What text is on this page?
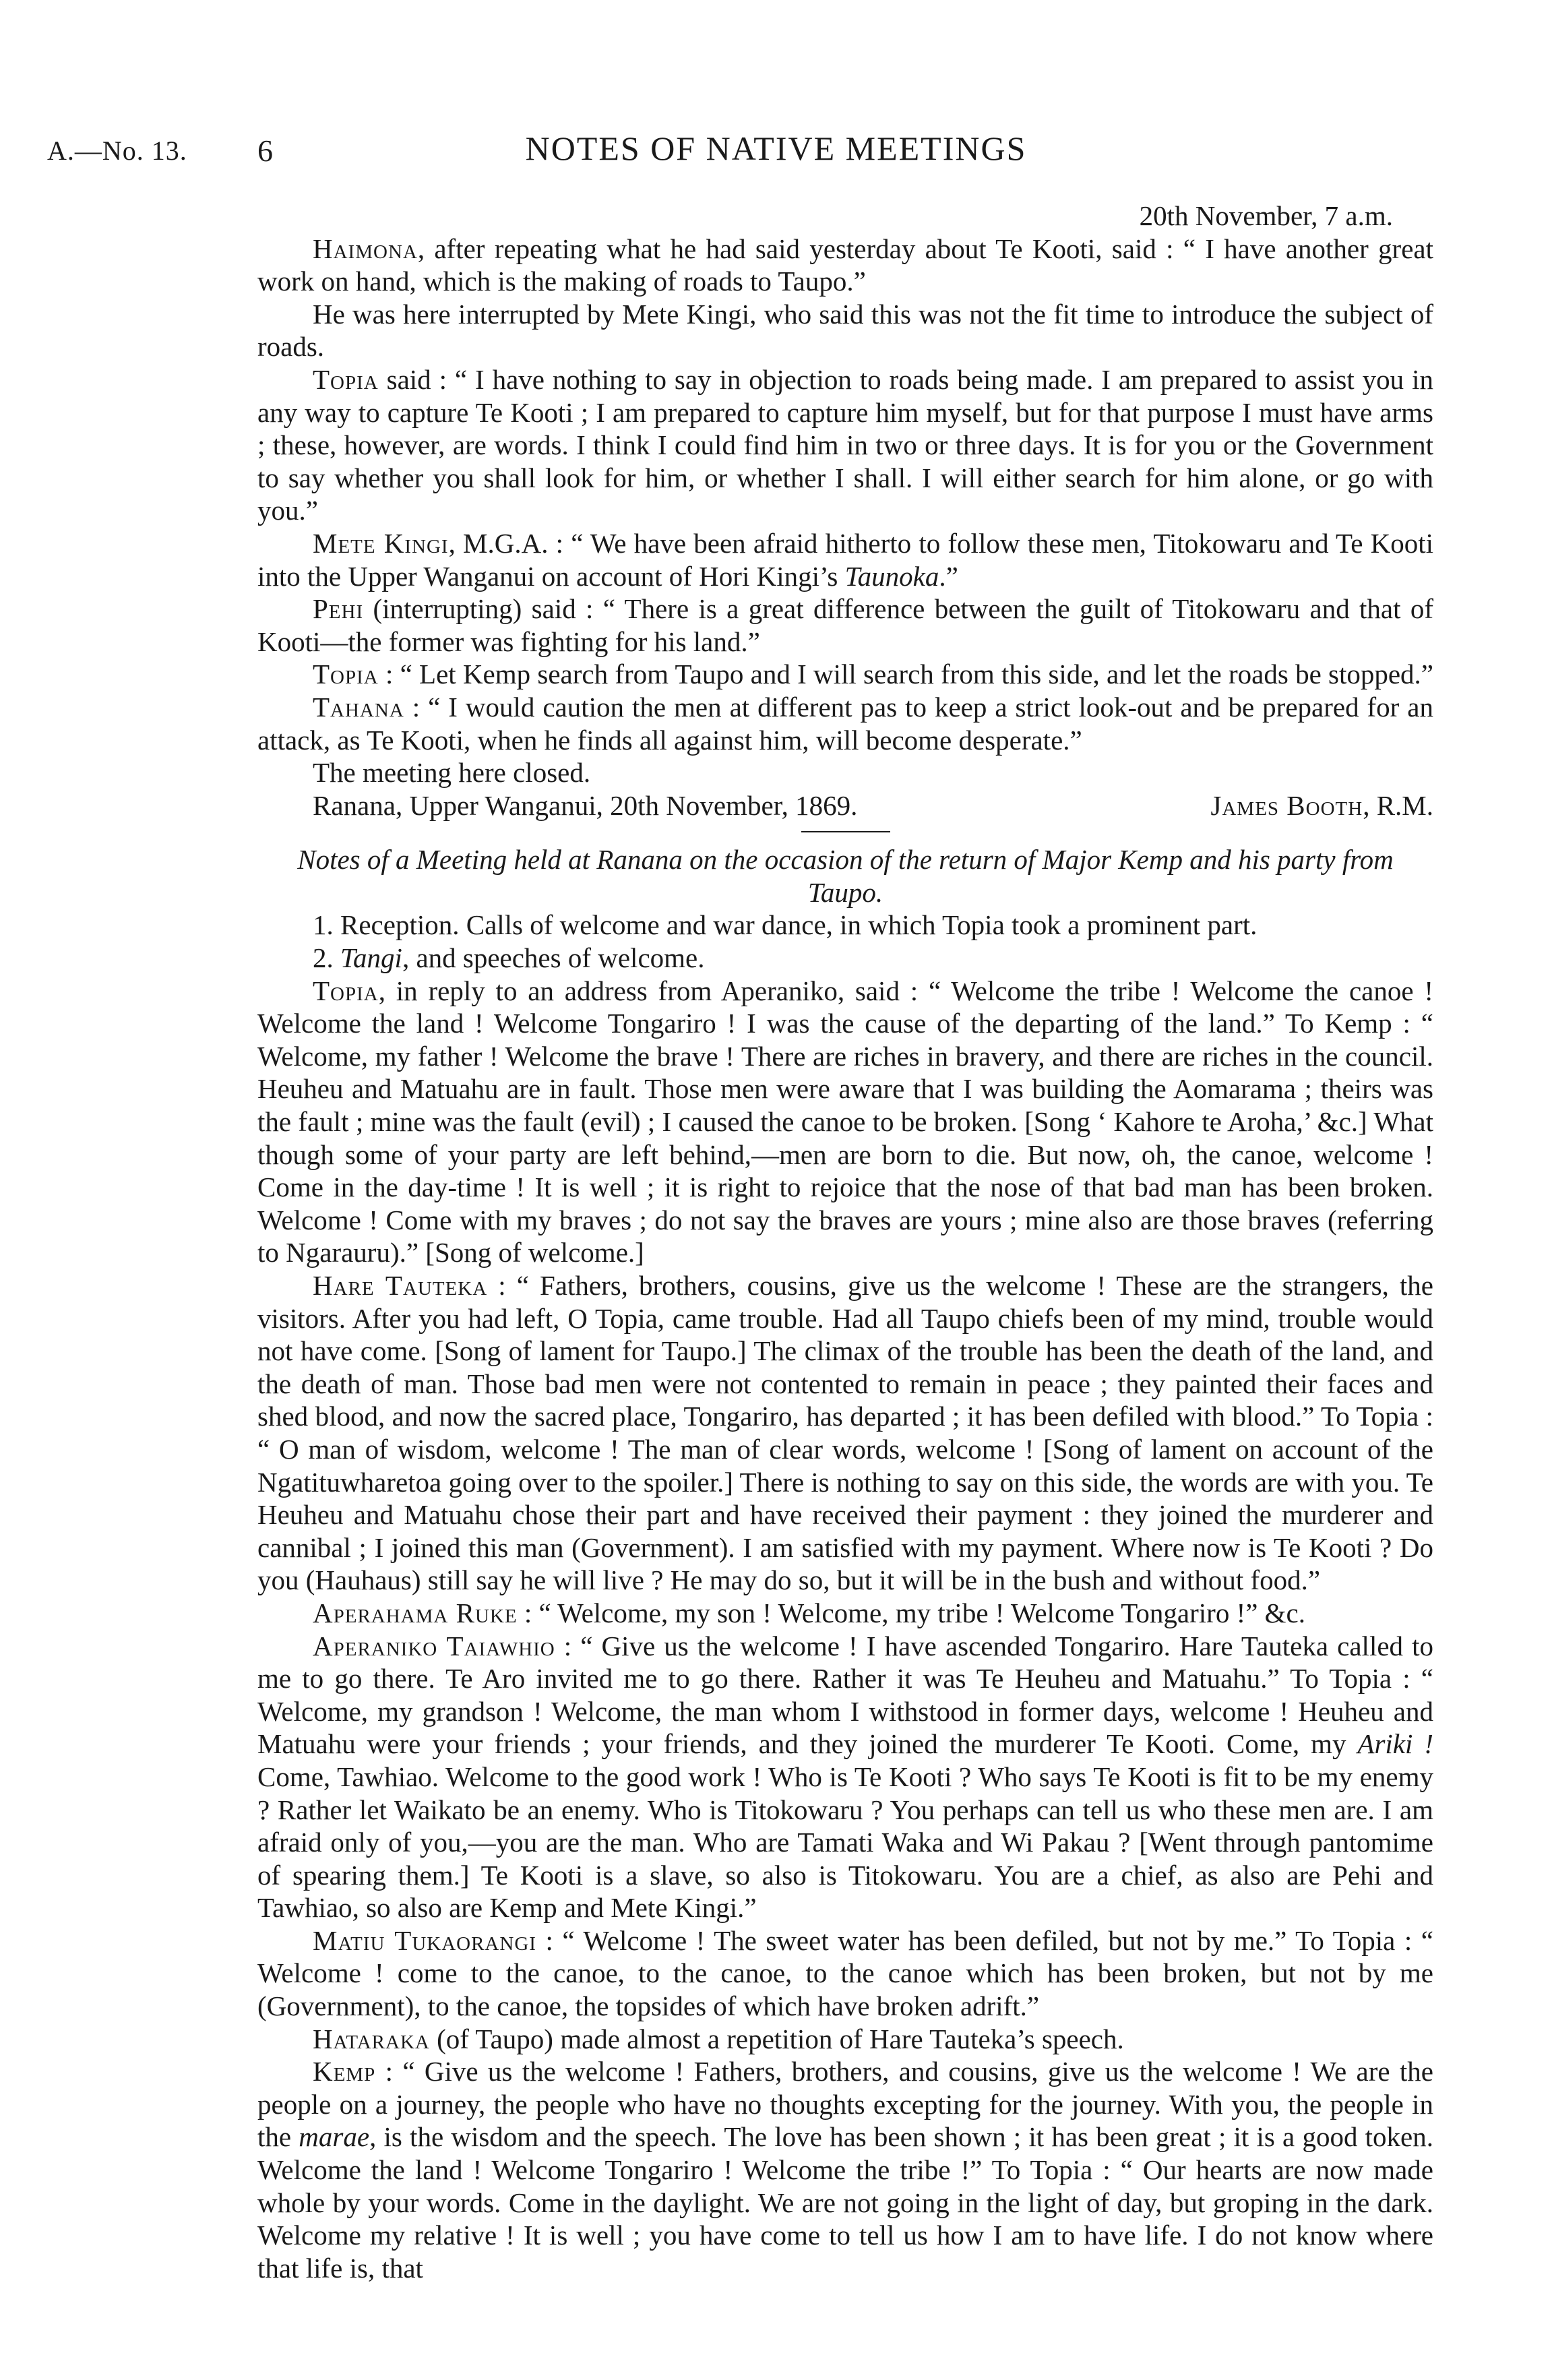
A.—No. 13. 6	NOTES OF NATIVE MEETINGS

20th November, 7 a.m.

Haimona, after repeating what he had said yesterday about Te Kooti, said : “ I have another great work on hand, which is the making of roads to Taupo.”

He was here interrupted by Mete Kingi, who said this was not the fit time to introduce the subject of roads.

Topia said : “ I have nothing to say in objection to roads being made. I am prepared to assist you in any way to capture Te Kooti ; I am prepared to capture him myself, but for that purpose I must have arms ; these, however, are words. I think I could find him in two or three days. It is for you or the Government to say whether you shall look for him, or whether I shall. I will either search for him alone, or go with you.”

Mete Kingi, M.G.A. : “ We have been afraid hitherto to follow these men, Titokowaru and Te Kooti into the Upper Wanganui on account of Hori Kingi’s Taunoka.”

Pehi (interrupting) said : “ There is a great difference between the guilt of Titokowaru and that of Kooti—the former was fighting for his land.”

Topia : “ Let Kemp search from Taupo and I will search from this side, and let the roads be stopped.”

Tahana : “ I would caution the men at different pas to keep a strict look-out and be prepared for an attack, as Te Kooti, when he finds all against him, will become desperate.”

The meeting here closed.

Ranana, Upper Wanganui, 20th November, 1869.	James Booth, R.M.

Notes of a Meeting held at Ranana on the occasion of the return of Major Kemp and his party from Taupo.

1. Reception. Calls of welcome and war dance, in which Topia took a prominent part.

2. Tangi, and speeches of welcome.

Topia, in reply to an address from Aperaniko, said : “ Welcome the tribe ! Welcome the canoe ! Welcome the land ! Welcome Tongariro ! I was the cause of the departing of the land.” To Kemp : “ Welcome, my father ! Welcome the brave ! There are riches in bravery, and there are riches in the council. Heuheu and Matuahu are in fault. Those men were aware that I was building the Aomarama ; theirs was the fault ; mine was the fault (evil) ; I caused the canoe to be broken. [Song ‘ Kahore te Aroha,’ &c.] What though some of your party are left behind,—men are born to die. But now, oh, the canoe, welcome ! Come in the day-time ! It is well ; it is right to rejoice that the nose of that bad man has been broken. Welcome ! Come with my braves ; do not say the braves are yours ; mine also are those braves (referring to Ngarauru).” [Song of welcome.]

Hare Tauteka : “ Fathers, brothers, cousins, give us the welcome ! These are the strangers, the visitors. After you had left, O Topia, came trouble. Had all Taupo chiefs been of my mind, trouble would not have come. [Song of lament for Taupo.] The climax of the trouble has been the death of the land, and the death of man. Those bad men were not contented to remain in peace ; they painted their faces and shed blood, and now the sacred place, Tongariro, has departed ; it has been defiled with blood.” To Topia : “ O man of wisdom, welcome ! The man of clear words, welcome ! [Song of lament on account of the Ngatituwharetoa going over to the spoiler.] There is nothing to say on this side, the words are with you. Te Heuheu and Matuahu chose their part and have received their payment : they joined the murderer and cannibal ; I joined this man (Government). I am satisfied with my payment. Where now is Te Kooti ? Do you (Hauhaus) still say he will live ? He may do so, but it will be in the bush and without food.”

Aperahama Ruke : “ Welcome, my son ! Welcome, my tribe ! Welcome Tongariro !” &c.

Aperaniko Taiawhio : “ Give us the welcome ! I have ascended Tongariro. Hare Tauteka called to me to go there. Te Aro invited me to go there. Rather it was Te Heuheu and Matuahu.” To Topia : “ Welcome, my grandson ! Welcome, the man whom I withstood in former days, welcome ! Heuheu and Matuahu were your friends ; your friends, and they joined the murderer Te Kooti. Come, my Ariki ! Come, Tawhiao. Welcome to the good work ! Who is Te Kooti ? Who says Te Kooti is fit to be my enemy ? Rather let Waikato be an enemy. Who is Titokowaru ? You perhaps can tell us who these men are. I am afraid only of you,—you are the man. Who are Tamati Waka and Wi Pakau ? [Went through pantomime of spearing them.] Te Kooti is a slave, so also is Titokowaru. You are a chief, as also are Pehi and Tawhiao, so also are Kemp and Mete Kingi.”

Matiu Tukaorangi : “ Welcome ! The sweet water has been defiled, but not by me.” To Topia : “ Welcome ! come to the canoe, to the canoe, to the canoe which has been broken, but not by me (Government), to the canoe, the topsides of which have broken adrift.”

Hataraka (of Taupo) made almost a repetition of Hare Tauteka’s speech.

Kemp : “ Give us the welcome ! Fathers, brothers, and cousins, give us the welcome ! We are the people on a journey, the people who have no thoughts excepting for the journey. With you, the people in the marae, is the wisdom and the speech. The love has been shown ; it has been great ; it is a good token. Welcome the land ! Welcome Tongariro ! Welcome the tribe !” To Topia : “ Our hearts are now made whole by your words. Come in the daylight. We are not going in the light of day, but groping in the dark. Welcome my relative ! It is well ; you have come to tell us how I am to have life. I do not know where that life is, that
